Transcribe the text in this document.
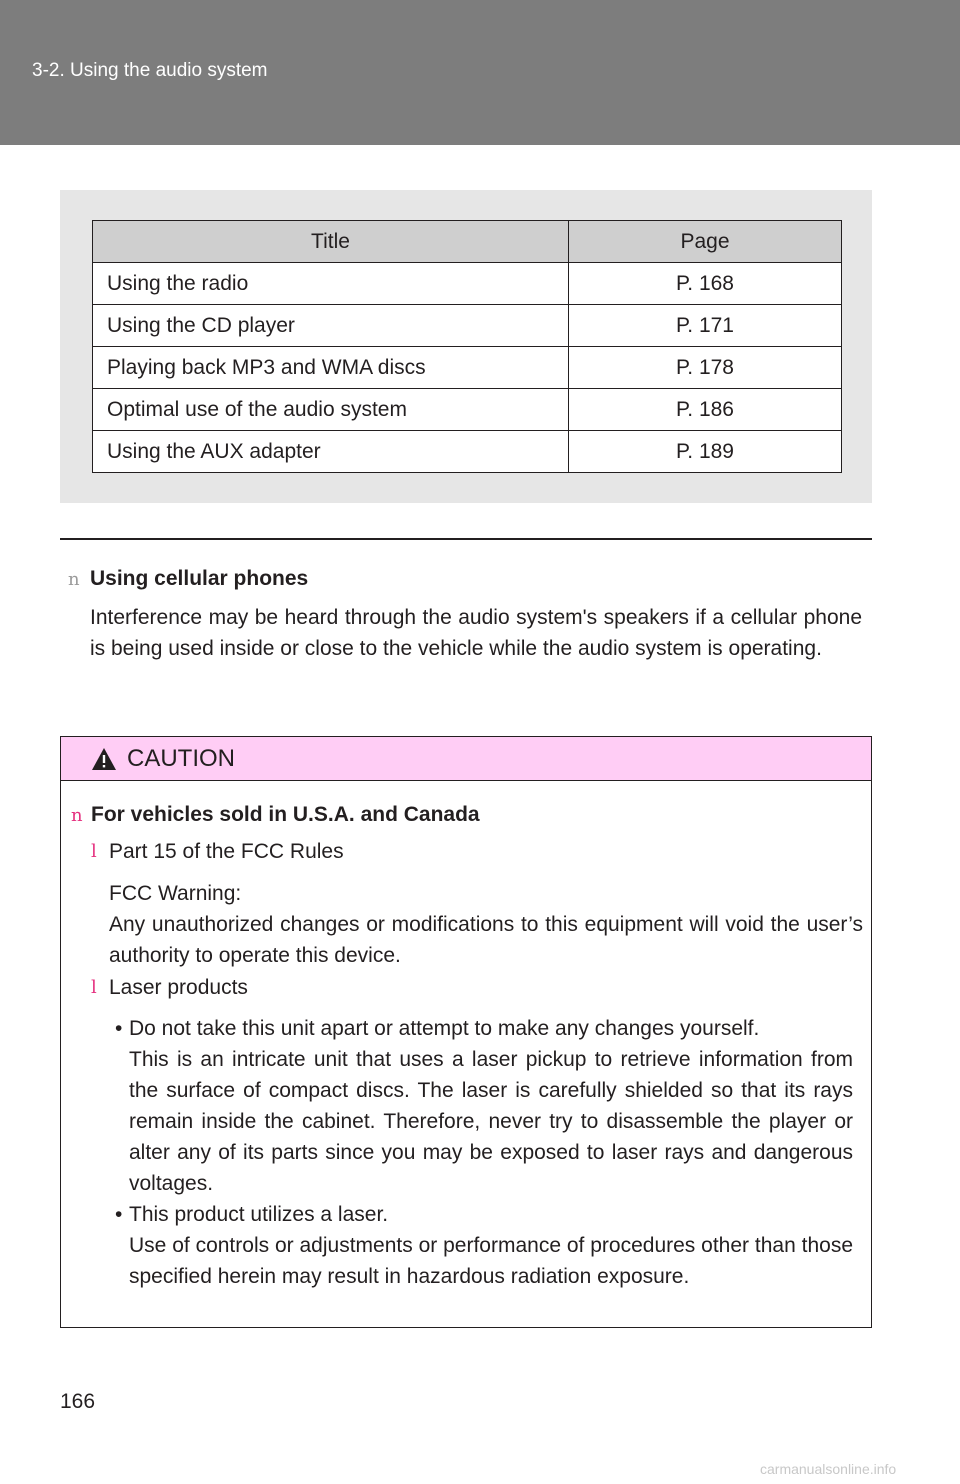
3-2. Using the audio system
Title	Page
Using the radio	P. 168
Using the CD player	P. 171
Playing back MP3 and WMA discs	P. 178
Optimal use of the audio system	P. 186
Using the AUX adapter	P. 189
n Using cellular phones

Interference may be heard through the audio system's speakers if a cellular phone is being used inside or close to the vehicle while the audio system is operating.

CAUTION
n For vehicles sold in U.S.A. and Canada
l Part 15 of the FCC Rules
FCC Warning:
Any unauthorized changes or modifications to this equipment will void the user’s authority to operate this device.
l Laser products
• Do not take this unit apart or attempt to make any changes yourself.
This is an intricate unit that uses a laser pickup to retrieve information from the surface of compact discs. The laser is carefully shielded so that its rays remain inside the cabinet. Therefore, never try to disassemble the player or alter any of its parts since you may be exposed to laser rays and dangerous voltages.
• This product utilizes a laser.
Use of controls or adjustments or performance of procedures other than those specified herein may result in hazardous radiation exposure.
166
carmanualsonline.info
